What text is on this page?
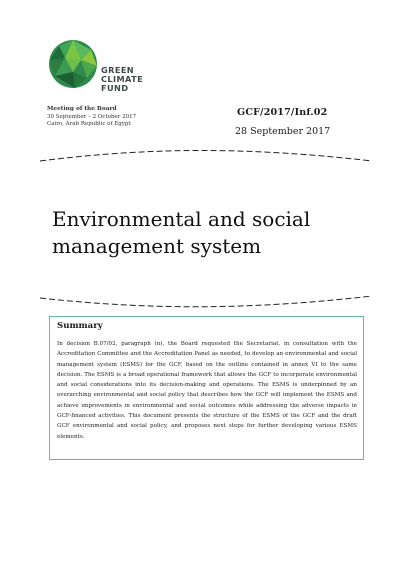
GREEN
CLIMATE
FUND
Meeting of the Board
30 September – 2 October 2017
Cairo, Arab Republic of Egypt
GCF/2017/Inf.02
28 September 2017
Environmental and social
management system
Summary
In decision B.07/02, paragraph (n), the Board requested the Secretariat, in consultation with the Accreditation Committee and the Accreditation Panel as needed, to develop an environmental and social management system (ESMS) for the GCF, based on the outline contained in annex VI to the same decision. The ESMS is a broad operational framework that allows the GCF to incorporate environmental and social considerations into its decision-making and operations. The ESMS is underpinned by an overarching environmental and social policy that describes how the GCF will implement the ESMS and achieve improvements in environmental and social outcomes while addressing the adverse impacts in GCF-financed activities. This document presents the structure of the ESMS of the GCF and the draft GCF environmental and social policy, and proposes next steps for further developing various ESMS elements.
